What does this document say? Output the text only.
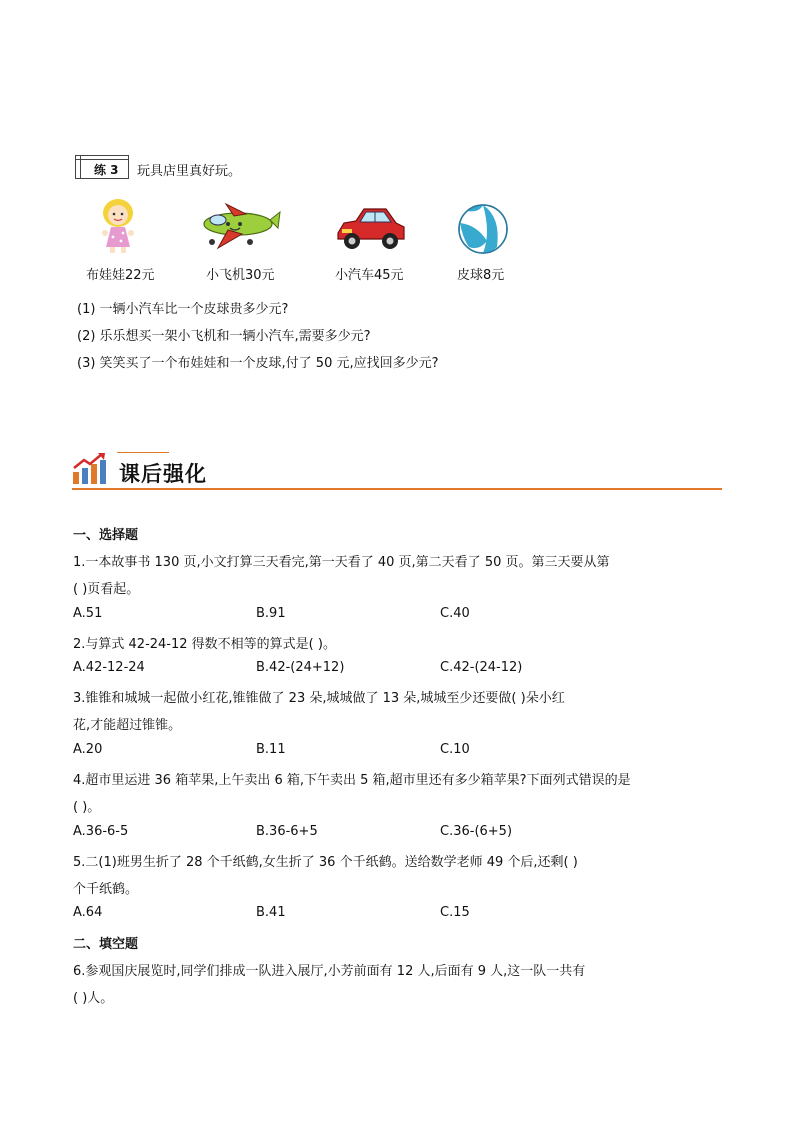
练 3 玩具店里真好玩。
布娃娃22元	小飞机30元	小汽车45元	皮球8元
(1) 一辆小汽车比一个皮球贵多少元?
(2) 乐乐想买一架小飞机和一辆小汽车,需要多少元?
(3) 笑笑买了一个布娃娃和一个皮球,付了 50 元,应找回多少元?
课后强化
一、选择题
1.一本故事书 130 页,小文打算三天看完,第一天看了 40 页,第二天看了 50 页。第三天要从第
( )页看起。
A.51	B.91	C.40
2.与算式 42-24-12 得数不相等的算式是( )。
A.42-12-24	B.42-(24+12)	C.42-(24-12)
3.锥锥和城城一起做小红花,锥锥做了 23 朵,城城做了 13 朵,城城至少还要做( )朵小红
花,才能超过锥锥。
A.20	B.11	C.10
4.超市里运进 36 箱苹果,上午卖出 6 箱,下午卖出 5 箱,超市里还有多少箱苹果?下面列式错误的是
( )。
A.36-6-5	B.36-6+5	C.36-(6+5)
5.二(1)班男生折了 28 个千纸鹤,女生折了 36 个千纸鹤。送给数学老师 49 个后,还剩( )
个千纸鹤。
A.64	B.41	C.15
二、填空题
6.参观国庆展览时,同学们排成一队进入展厅,小芳前面有 12 人,后面有 9 人,这一队一共有
( )人。
